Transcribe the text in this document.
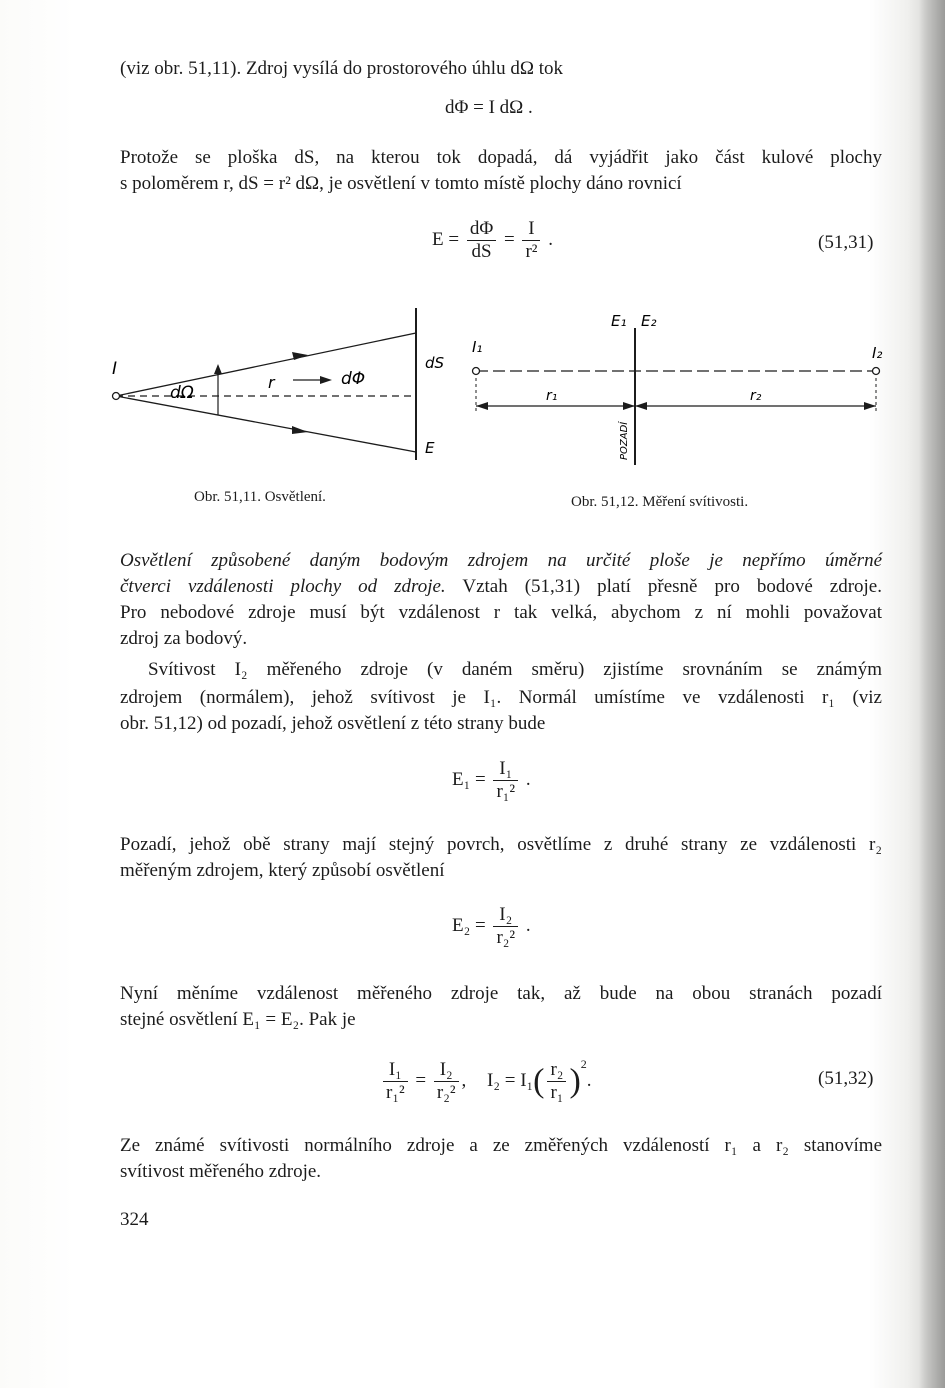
(viz obr. 51,11). Zdroj vysílá do prostorového úhlu dΩ tok
dΦ = I dΩ .
Protože se ploška dS, na kterou tok dopadá, dá vyjádřit jako část kulové plochy
s poloměrem r, dS = r² dΩ, je osvětlení v tomto místě plochy dáno rovnicí
$E = \frac{d\Phi}{dS} = \frac{I}{\text{r²}}$ .	(51,31)
I
dΩ
r	dΦ
dS
E
Obr. 51,11. Osvětlení.
E₁ E₂
I₁	I₂
r₁	r₂
POZADÍ
Obr. 51,12. Měření svítivosti.
Osvětlení způsobené daným bodovým zdrojem na určité ploše je nepřímo úměrné
čtverci vzdálenosti plochy od zdroje. Vztah (51,31) platí přesně pro bodové zdroje.
Pro nebodové zdroje musí být vzdálenost r tak velká, abychom z ní mohli považovat
zdroj za bodový.
Svítivost I₂ měřeného zdroje (v daném směru) zjistíme srovnáním se známým
zdrojem (normálem), jehož svítivost je I₁. Normál umístíme ve vzdálenosti r₁ (viz
obr. 51,12) od pozadí, jehož osvětlení z této strany bude
$E_1 = \frac{\text{I₁}}{\text{r₁²}}$ .
Pozadí, jehož obě strany mají stejný povrch, osvětlíme z druhé strany ze vzdálenosti r₂
měřeným zdrojem, který způsobí osvětlení
$E_2 = \frac{\text{I₂}}{\text{r₂²}}$ .
Nyní měníme vzdálenost měřeného zdroje tak, až bude na obou stranách pozadí
stejné osvětlení E₁ = E₂. Pak je
$\frac{\text{I₁}}{\text{r₁²}} = \frac{\text{I₂}}{\text{r₂²}}$ , $I_2 = I_1( \frac{\text{r₂}}{\text{r₁}} )^2$.	(51,32)
Ze známé svítivosti normálního zdroje a ze změřených vzdáleností r₁ a r₂ stanovíme
svítivost měřeného zdroje.
324
